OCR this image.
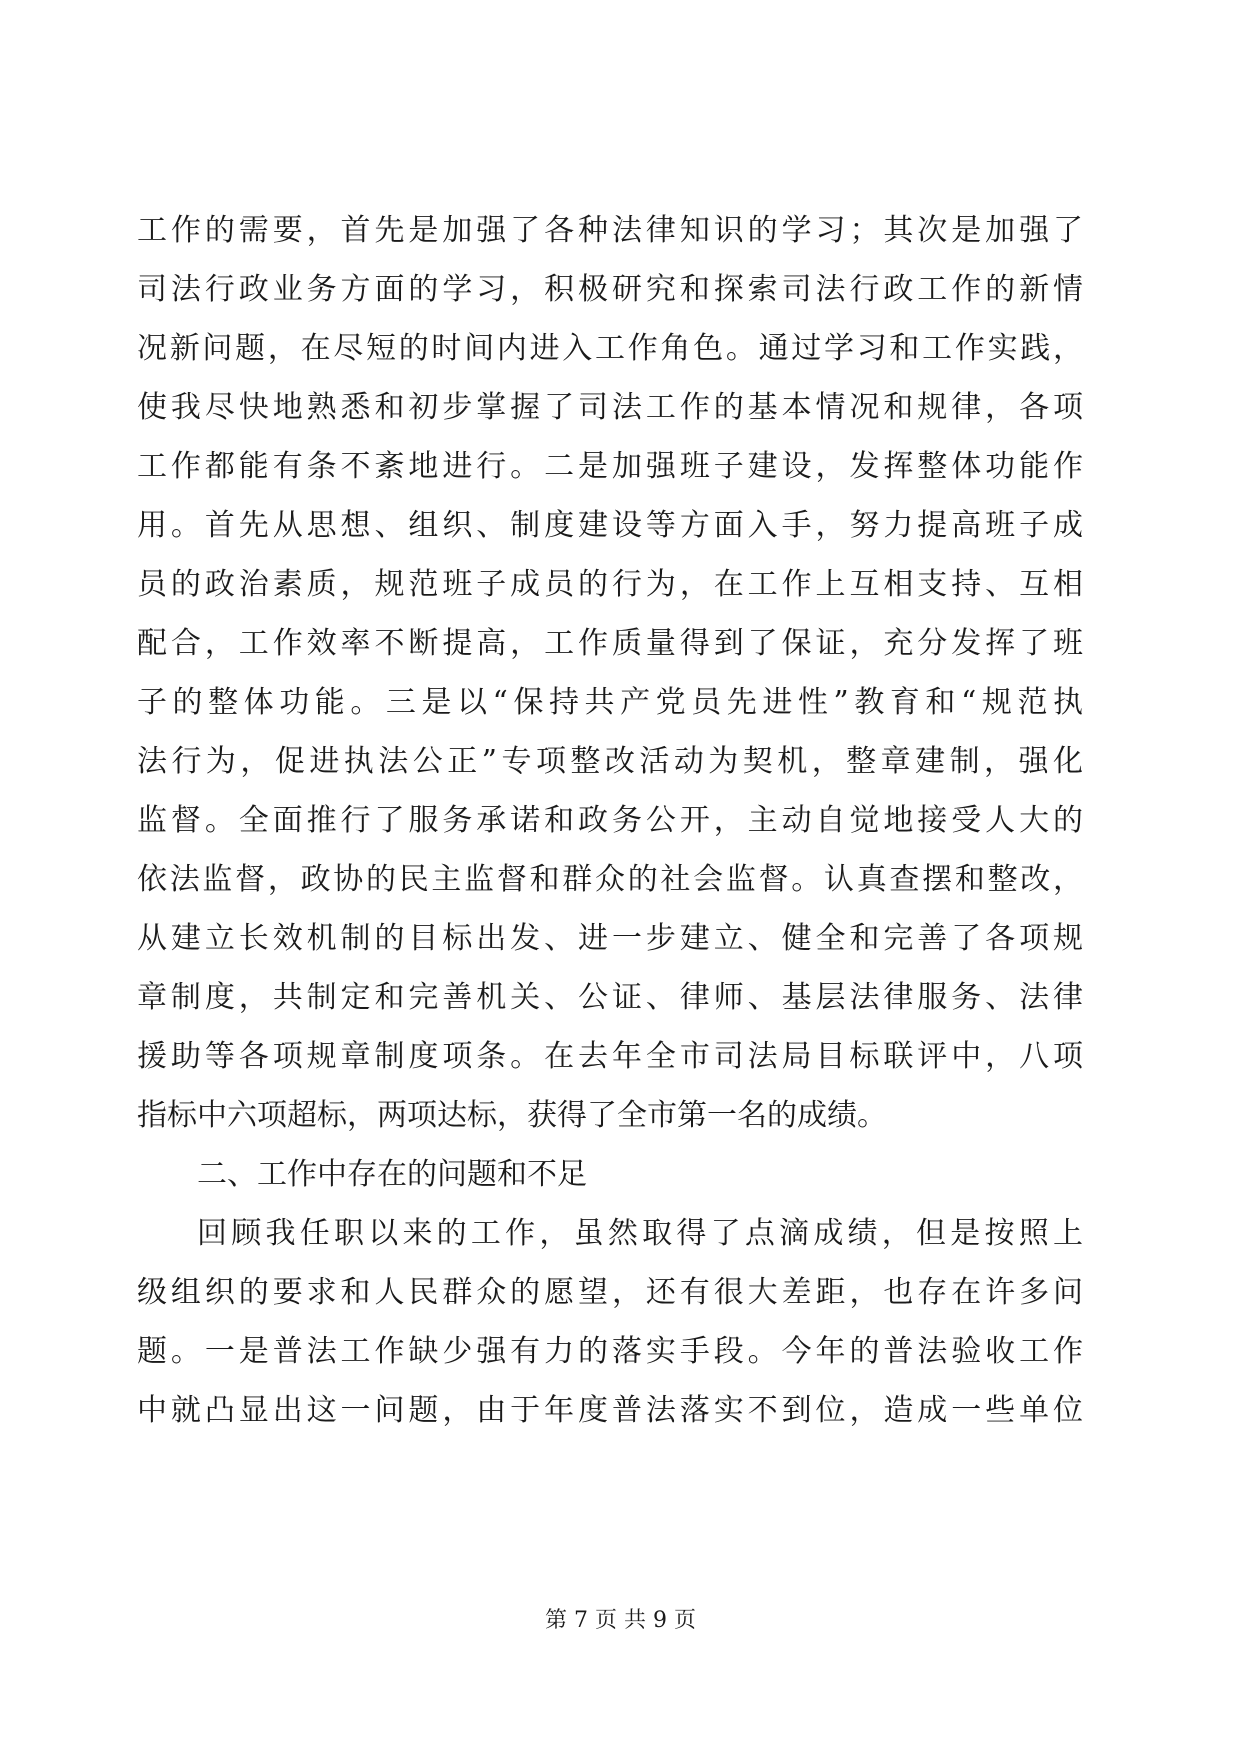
工作的需要，首先是加强了各种法律知识的学习；其次是加强了
司法行政业务方面的学习，积极研究和探索司法行政工作的新情
况新问题，在尽短的时间内进入工作角色。通过学习和工作实践，
使我尽快地熟悉和初步掌握了司法工作的基本情况和规律，各项
工作都能有条不紊地进行。二是加强班子建设，发挥整体功能作
用。首先从思想、组织、制度建设等方面入手，努力提高班子成
员的政治素质，规范班子成员的行为，在工作上互相支持、互相
配合，工作效率不断提高，工作质量得到了保证，充分发挥了班
子的整体功能。三是以“保持共产党员先进性”教育和“规范执
法行为，促进执法公正”专项整改活动为契机，整章建制，强化
监督。全面推行了服务承诺和政务公开，主动自觉地接受人大的
依法监督，政协的民主监督和群众的社会监督。认真查摆和整改，
从建立长效机制的目标出发、进一步建立、健全和完善了各项规
章制度，共制定和完善机关、公证、律师、基层法律服务、法律
援助等各项规章制度项条。在去年全市司法局目标联评中，八项
指标中六项超标，两项达标，获得了全市第一名的成绩。
二、工作中存在的问题和不足
回顾我任职以来的工作，虽然取得了点滴成绩，但是按照上
级组织的要求和人民群众的愿望，还有很大差距，也存在许多问
题。一是普法工作缺少强有力的落实手段。今年的普法验收工作
中就凸显出这一问题，由于年度普法落实不到位，造成一些单位
第 7 页 共 9 页
